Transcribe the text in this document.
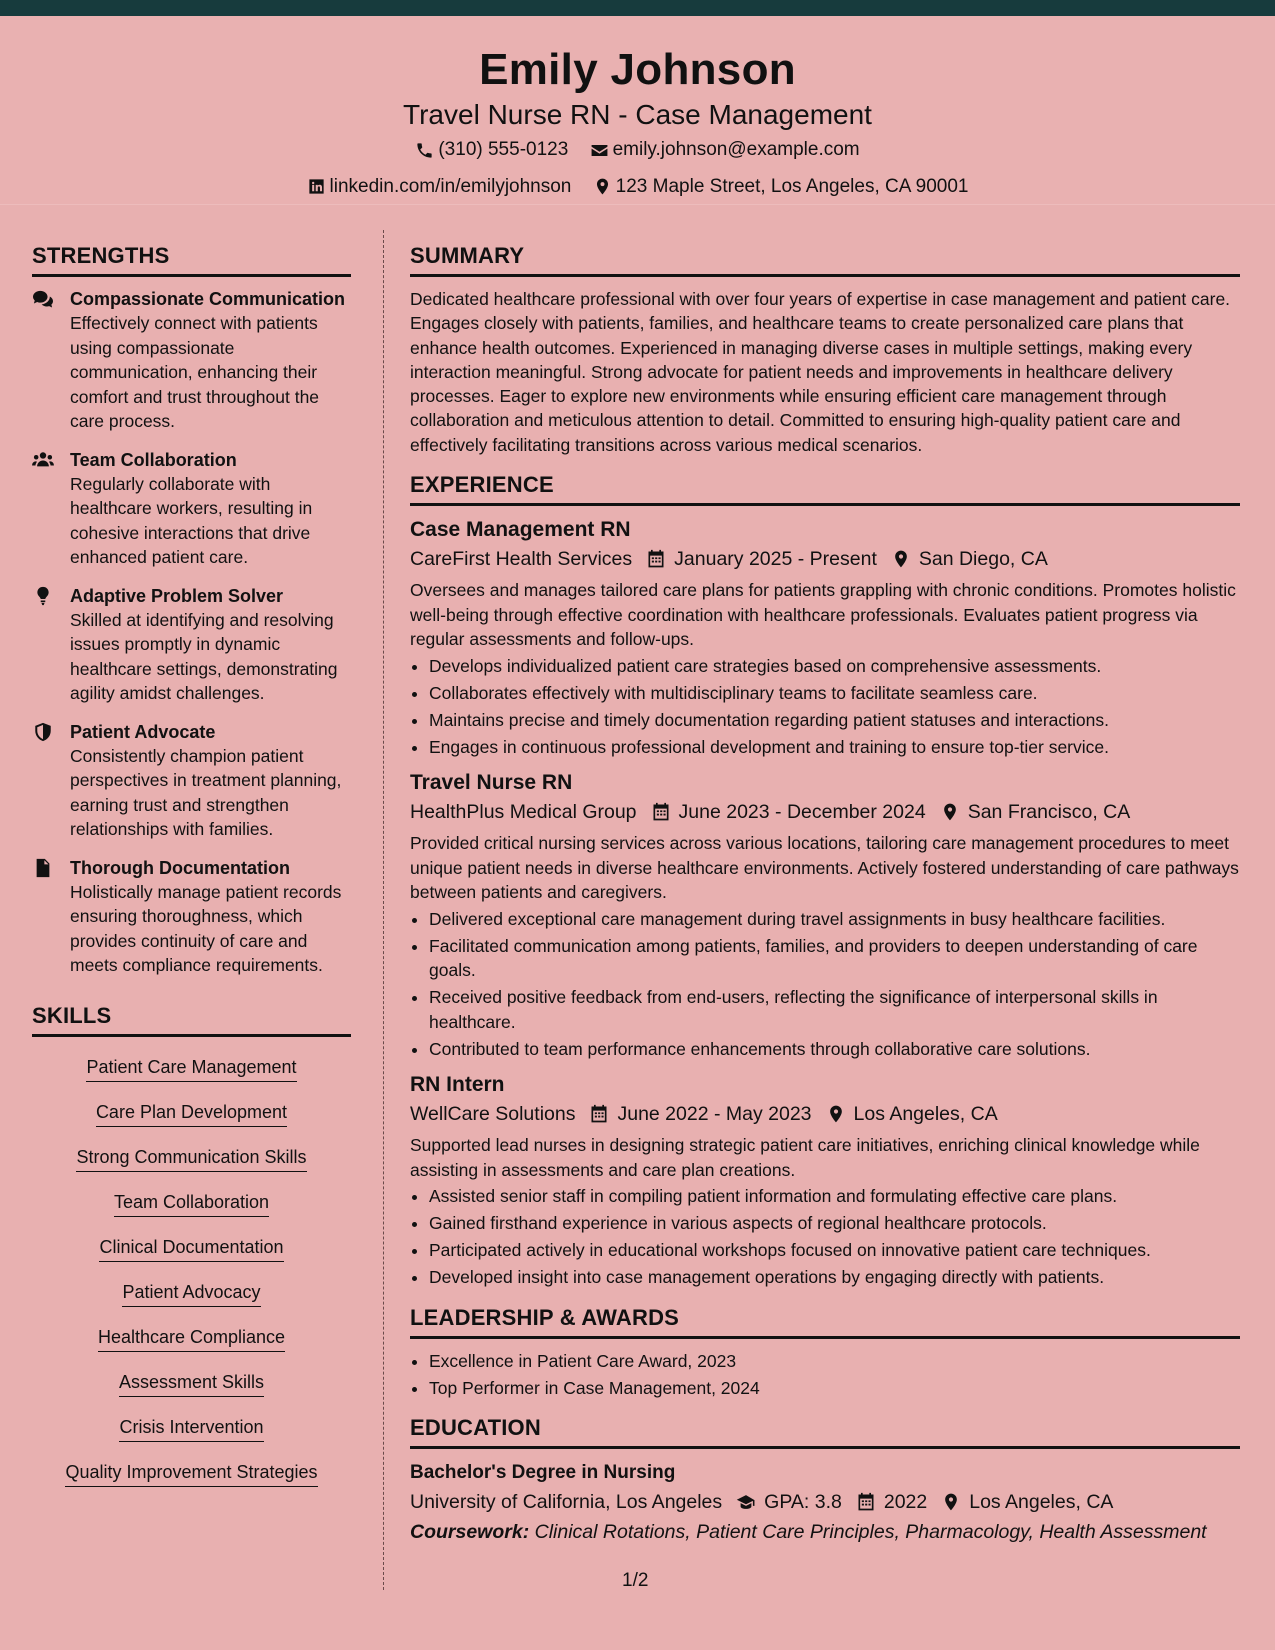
Emily Johnson
Travel Nurse RN - Case Management
(310) 555-0123
emily.johnson@example.com
linkedin.com/in/emilyjohnson
123 Maple Street, Los Angeles, CA 90001
STRENGTHS
Compassionate Communication
Effectively connect with patients using compassionate communication, enhancing their comfort and trust throughout the care process.
Team Collaboration
Regularly collaborate with healthcare workers, resulting in cohesive interactions that drive enhanced patient care.
Adaptive Problem Solver
Skilled at identifying and resolving issues promptly in dynamic healthcare settings, demonstrating agility amidst challenges.
Patient Advocate
Consistently champion patient perspectives in treatment planning, earning trust and strengthen relationships with families.
Thorough Documentation
Holistically manage patient records ensuring thoroughness, which provides continuity of care and meets compliance requirements.
SKILLS
Patient Care Management
Care Plan Development
Strong Communication Skills
Team Collaboration
Clinical Documentation
Patient Advocacy
Healthcare Compliance
Assessment Skills
Crisis Intervention
Quality Improvement Strategies
SUMMARY
Dedicated healthcare professional with over four years of expertise in case management and patient care. Engages closely with patients, families, and healthcare teams to create personalized care plans that enhance health outcomes. Experienced in managing diverse cases in multiple settings, making every interaction meaningful. Strong advocate for patient needs and improvements in healthcare delivery processes. Eager to explore new environments while ensuring efficient care management through collaboration and meticulous attention to detail. Committed to ensuring high-quality patient care and effectively facilitating transitions across various medical scenarios.
EXPERIENCE
Case Management RN
CareFirst Health Services January 2025 - Present San Diego, CA
Oversees and manages tailored care plans for patients grappling with chronic conditions. Promotes holistic well-being through effective coordination with healthcare professionals. Evaluates patient progress via regular assessments and follow-ups.
• Develops individualized patient care strategies based on comprehensive assessments.
• Collaborates effectively with multidisciplinary teams to facilitate seamless care.
• Maintains precise and timely documentation regarding patient statuses and interactions.
• Engages in continuous professional development and training to ensure top-tier service.
Travel Nurse RN
HealthPlus Medical Group June 2023 - December 2024 San Francisco, CA
Provided critical nursing services across various locations, tailoring care management procedures to meet unique patient needs in diverse healthcare environments. Actively fostered understanding of care pathways between patients and caregivers.
• Delivered exceptional care management during travel assignments in busy healthcare facilities.
• Facilitated communication among patients, families, and providers to deepen understanding of care goals.
• Received positive feedback from end-users, reflecting the significance of interpersonal skills in healthcare.
• Contributed to team performance enhancements through collaborative care solutions.
RN Intern
WellCare Solutions June 2022 - May 2023 Los Angeles, CA
Supported lead nurses in designing strategic patient care initiatives, enriching clinical knowledge while assisting in assessments and care plan creations.
• Assisted senior staff in compiling patient information and formulating effective care plans.
• Gained firsthand experience in various aspects of regional healthcare protocols.
• Participated actively in educational workshops focused on innovative patient care techniques.
• Developed insight into case management operations by engaging directly with patients.
LEADERSHIP & AWARDS
• Excellence in Patient Care Award, 2023
• Top Performer in Case Management, 2024
EDUCATION
Bachelor's Degree in Nursing
University of California, Los Angeles GPA: 3.8 2022 Los Angeles, CA
Coursework: Clinical Rotations, Patient Care Principles, Pharmacology, Health Assessment
1/2
